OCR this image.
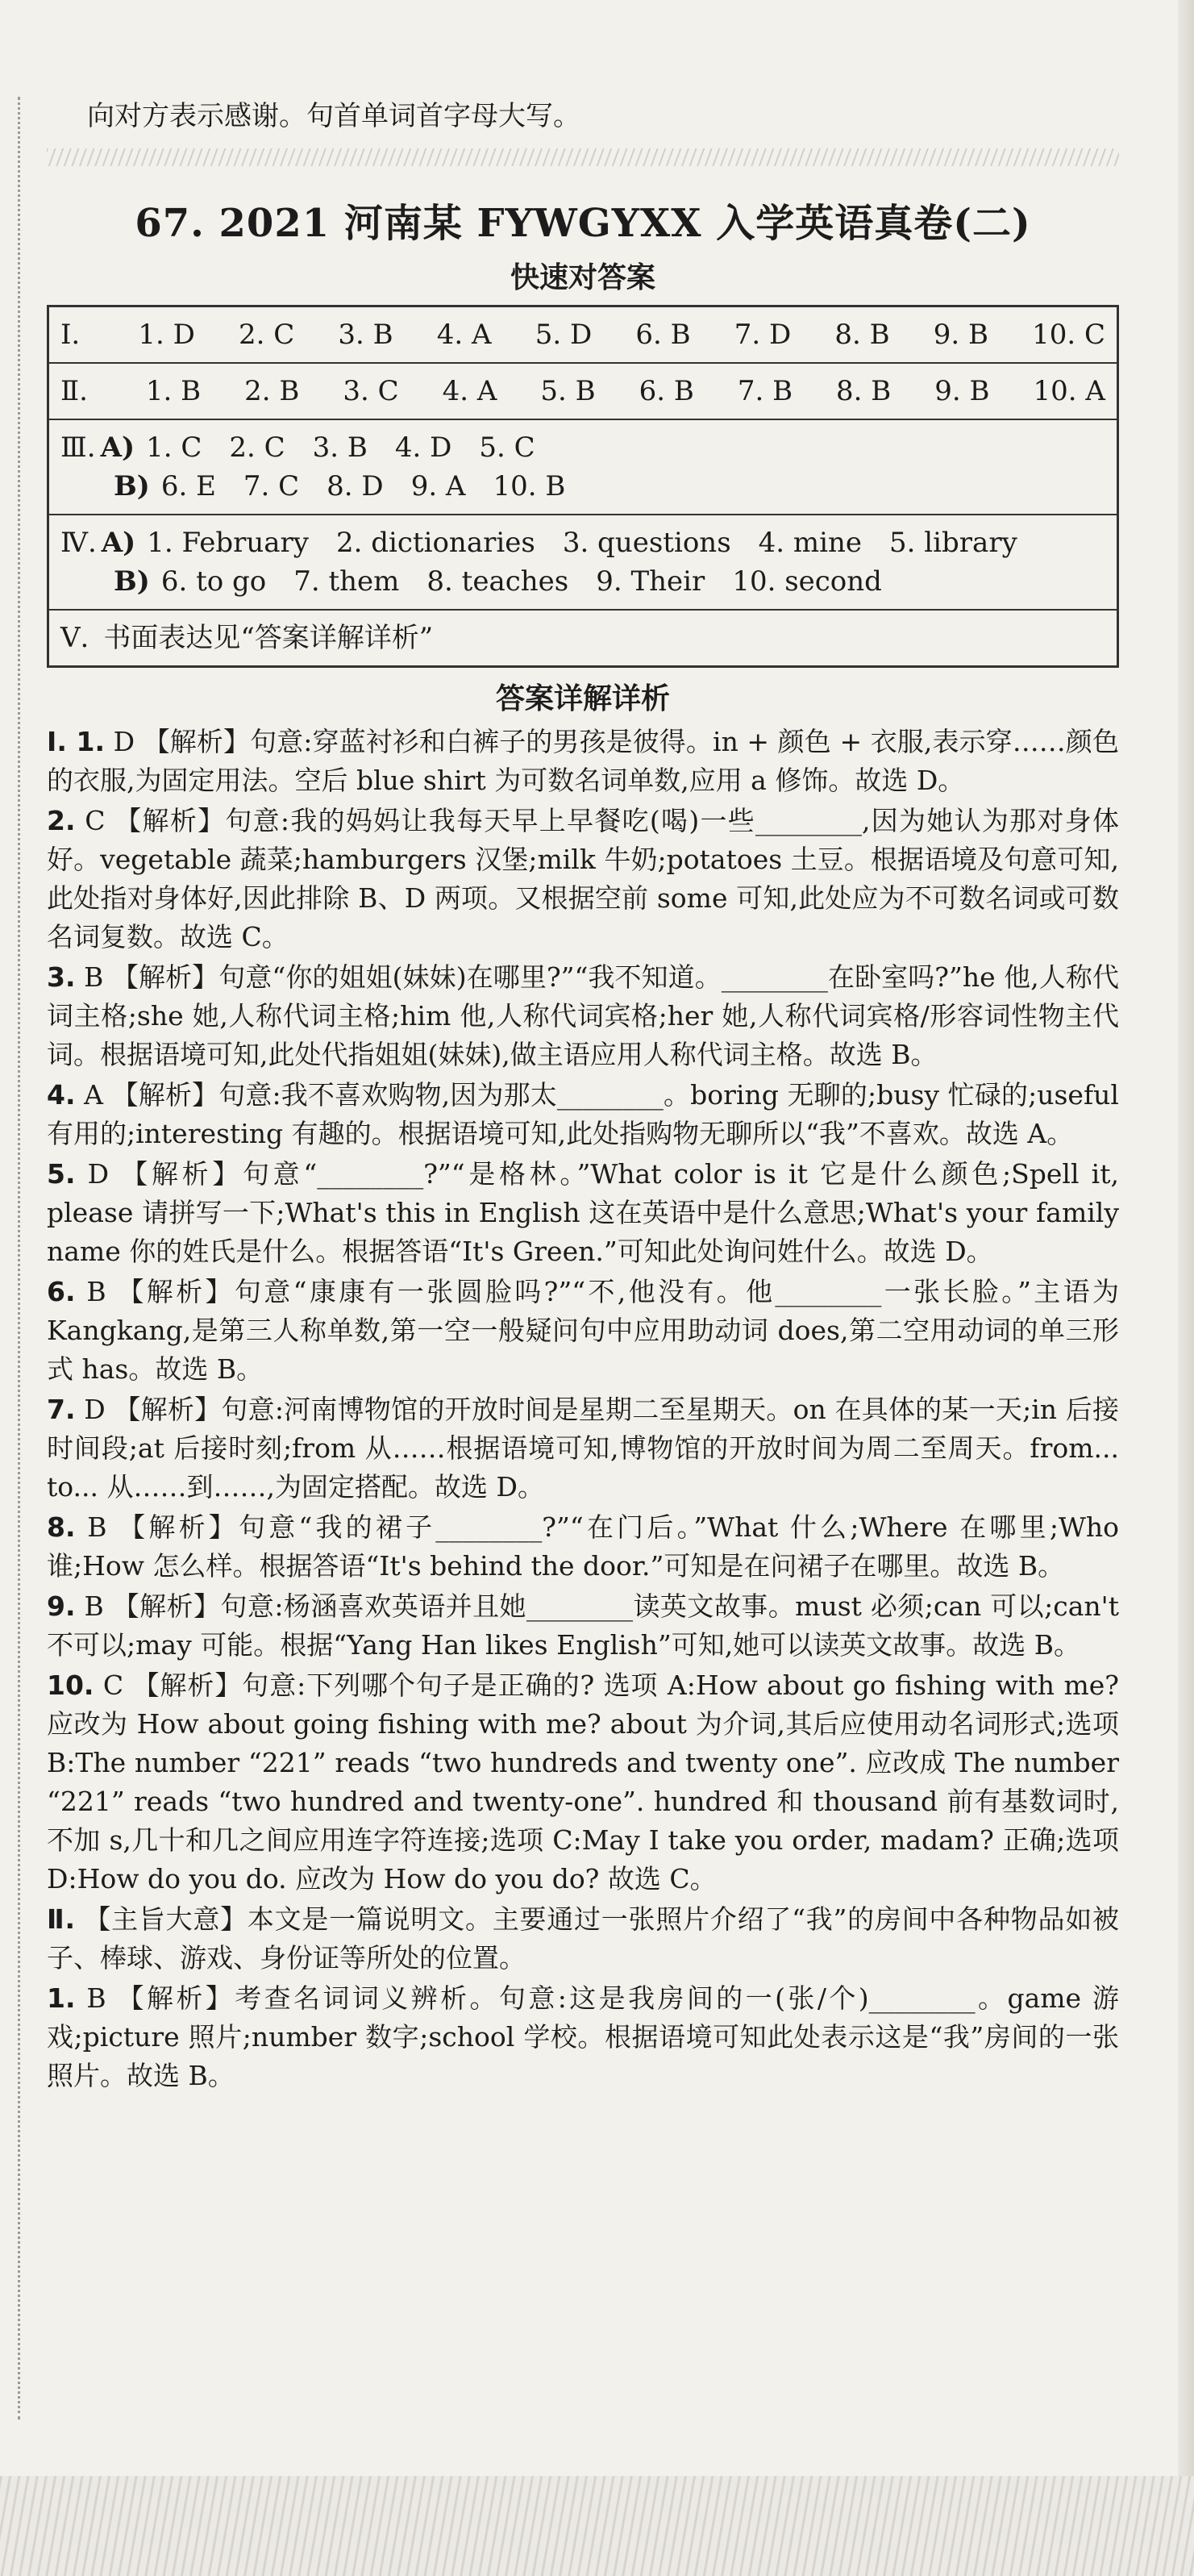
向对方表示感谢。句首单词首字母大写。

67. 2021 河南某 FYWGYXX 入学英语真卷(二)
快速对答案
Ⅰ. 1. D 2. C 3. B 4. A 5. D 6. B 7. D 8. B 9. B 10. C
Ⅱ. 1. B 2. B 3. C 4. A 5. B 6. B 7. B 8. B 9. B 10. A
Ⅲ. A) 1. C 2. C 3. B 4. D 5. C
B) 6. E 7. C 8. D 9. A 10. B
Ⅳ. A) 1. February 2. dictionaries 3. questions 4. mine 5. library
B) 6. to go 7. them 8. teaches 9. Their 10. second
Ⅴ. 书面表达见“答案详解详析”
答案详解详析

Ⅰ. 1. D 【解析】句意:穿蓝衬衫和白裤子的男孩是彼得。in + 颜色 + 衣服,表示穿……颜色的衣服,为固定用法。空后 blue shirt 为可数名词单数,应用 a 修饰。故选 D。

2. C 【解析】句意:我的妈妈让我每天早上早餐吃(喝)一些________,因为她认为那对身体好。vegetable 蔬菜;hamburgers 汉堡;milk 牛奶;potatoes 土豆。根据语境及句意可知,此处指对身体好,因此排除 B、D 两项。又根据空前 some 可知,此处应为不可数名词或可数名词复数。故选 C。

3. B 【解析】句意“你的姐姐(妹妹)在哪里?”“我不知道。________在卧室吗?”he 他,人称代词主格;she 她,人称代词主格;him 他,人称代词宾格;her 她,人称代词宾格/形容词性物主代词。根据语境可知,此处代指姐姐(妹妹),做主语应用人称代词主格。故选 B。

4. A 【解析】句意:我不喜欢购物,因为那太________。boring 无聊的;busy 忙碌的;useful 有用的;interesting 有趣的。根据语境可知,此处指购物无聊所以“我”不喜欢。故选 A。

5. D 【解析】句意“________?”“是格林。”What color is it 它是什么颜色;Spell it, please 请拼写一下;What's this in English 这在英语中是什么意思;What's your family name 你的姓氏是什么。根据答语“It's Green.”可知此处询问姓什么。故选 D。

6. B 【解析】句意“康康有一张圆脸吗?”“不,他没有。他________一张长脸。”主语为 Kangkang,是第三人称单数,第一空一般疑问句中应用助动词 does,第二空用动词的单三形式 has。故选 B。

7. D 【解析】句意:河南博物馆的开放时间是星期二至星期天。on 在具体的某一天;in 后接时间段;at 后接时刻;from 从……根据语境可知,博物馆的开放时间为周二至周天。from... to... 从……到……,为固定搭配。故选 D。

8. B 【解析】句意“我的裙子________?”“在门后。”What 什么;Where 在哪里;Who 谁;How 怎么样。根据答语“It's behind the door.”可知是在问裙子在哪里。故选 B。

9. B 【解析】句意:杨涵喜欢英语并且她________读英文故事。must 必须;can 可以;can't 不可以;may 可能。根据“Yang Han likes English”可知,她可以读英文故事。故选 B。

10. C 【解析】句意:下列哪个句子是正确的? 选项 A:How about go fishing with me? 应改为 How about going fishing with me? about 为介词,其后应使用动名词形式;选项 B:The number “221” reads “two hundreds and twenty one”. 应改成 The number “221” reads “two hundred and twenty-one”. hundred 和 thousand 前有基数词时,不加 s,几十和几之间应用连字符连接;选项 C:May I take you order, madam? 正确;选项 D:How do you do. 应改为 How do you do? 故选 C。

Ⅱ. 【主旨大意】本文是一篇说明文。主要通过一张照片介绍了“我”的房间中各种物品如被子、棒球、游戏、身份证等所处的位置。

1. B 【解析】考查名词词义辨析。句意:这是我房间的一(张/个)________。game 游戏;picture 照片;number 数字;school 学校。根据语境可知此处表示这是“我”房间的一张照片。故选 B。
